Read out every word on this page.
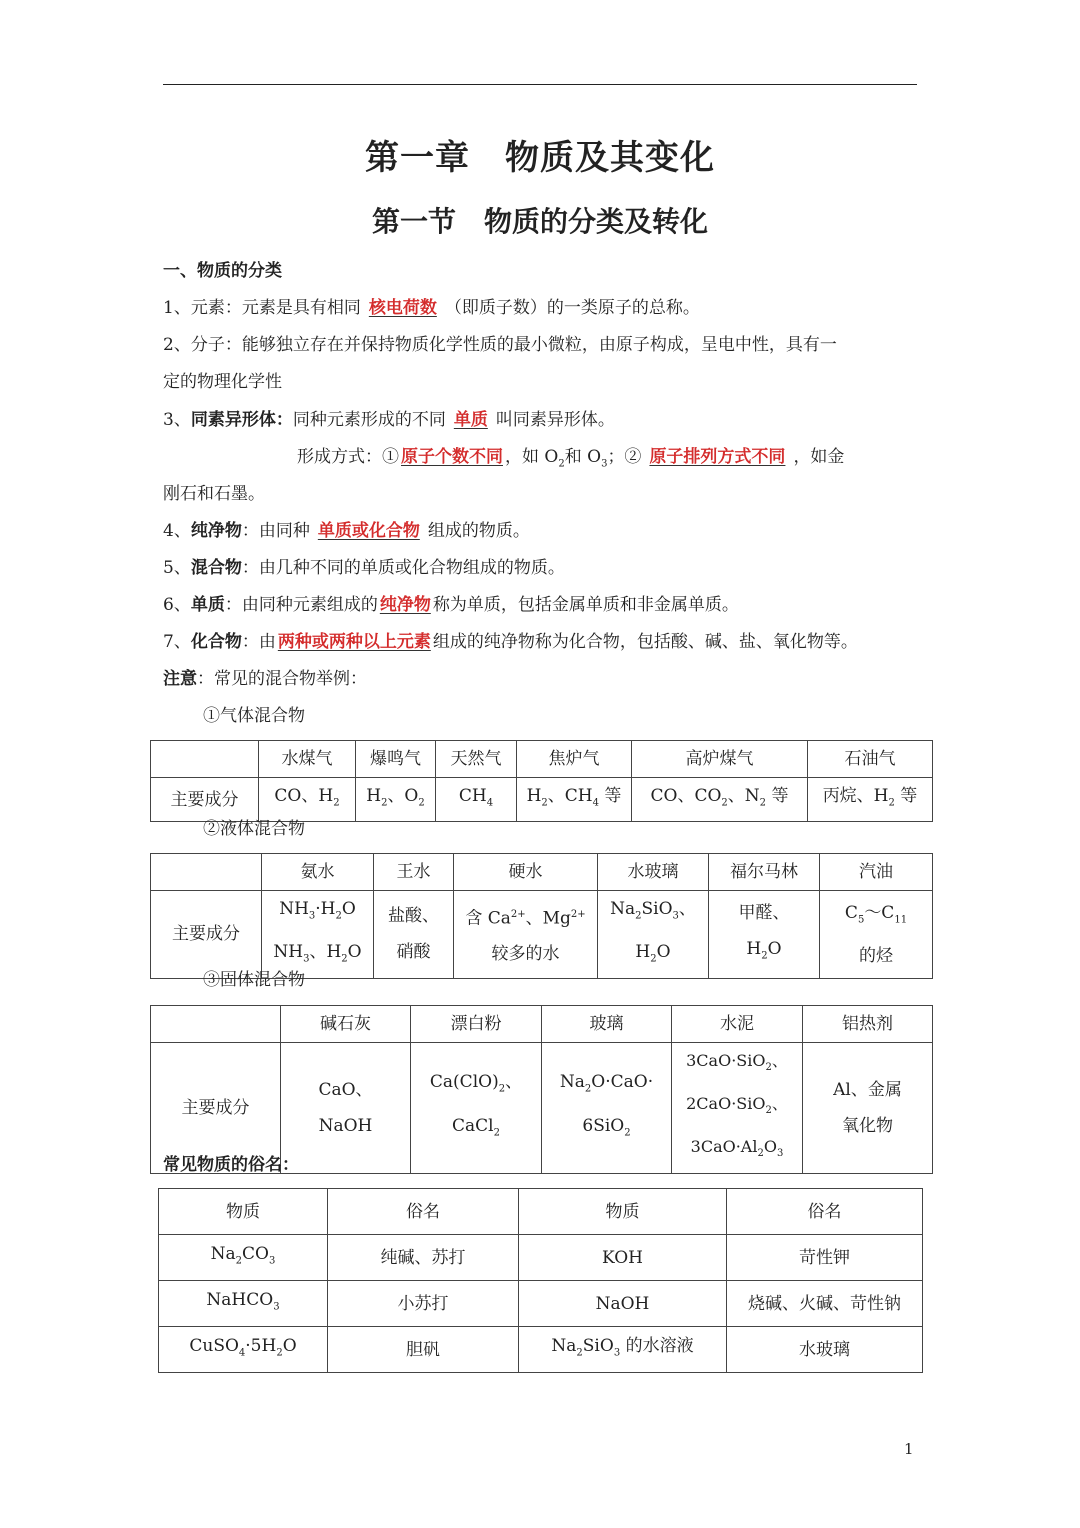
第一章　物质及其变化
第一节　物质的分类及转化
一、物质的分类
1、元素：元素是具有相同 核电荷数 （即质子数）的一类原子的总称。
2、分子：能够独立存在并保持物质化学性质的最小微粒，由原子构成，呈电中性，具有一
定的物理化学性
3、同素异形体：同种元素形成的不同 单质 叫同素异形体。
形成方式：① 原子个数不同 ，如 $O_2$和 $O_3$；② 原子排列方式不同 ，如金
刚石和石墨。
4、纯净物：由同种 单质或化合物 组成的物质。
5、混合物：由几种不同的单质或化合物组成的物质。
6、单质：由同种元素组成的 纯净物 称为单质，包括金属单质和非金属单质。
7、化合物：由 两种或两种以上元素 组成的纯净物称为化合物，包括酸、碱、盐、氧化物等。
注意：常见的混合物举例：
①气体混合物
	水煤气	爆鸣气	天然气	焦炉气	高炉煤气	石油气
主要成分	CO、$H_2$	$H_2$、$O_2$	$CH_4$	$H_2$、$CH_4$ 等	CO、$CO_2$、$N_2$ 等	丙烷、$H_2$ 等
②液体混合物
	氨水	王水	硬水	水玻璃	福尔马林	汽油
主要成分	$NH_3\cdot H_2O$
$NH_3$、$H_2O$	盐酸、
硝酸	含 $Ca^{2+}$、$Mg^{2+}$
较多的水	$Na_2SiO_3$、
$H_2O$	甲醛、
$H_2O$	$C_5\sim C_{11}$
的烃
③固体混合物
	碱石灰	漂白粉	玻璃	水泥	铝热剂
主要成分	CaO、
NaOH	$Ca(ClO)_2$、
CaCl$_2$	$Na_2O\cdot CaO\cdot$
6SiO$_2$	3CaO·SiO$_2$、
2CaO·SiO$_2$、
$3CaO\cdot Al_2O_3$	Al、金属
氧化物
常见物质的俗名：
物质	俗名	物质	俗名
$Na_2CO_3$	纯碱、苏打	KOH	苛性钾
NaHCO$_3$	小苏打	NaOH	烧碱、火碱、苛性钠
$CuSO_4\cdot 5H_2O$	胆矾	$Na_2SiO_3$ 的水溶液	水玻璃
1
